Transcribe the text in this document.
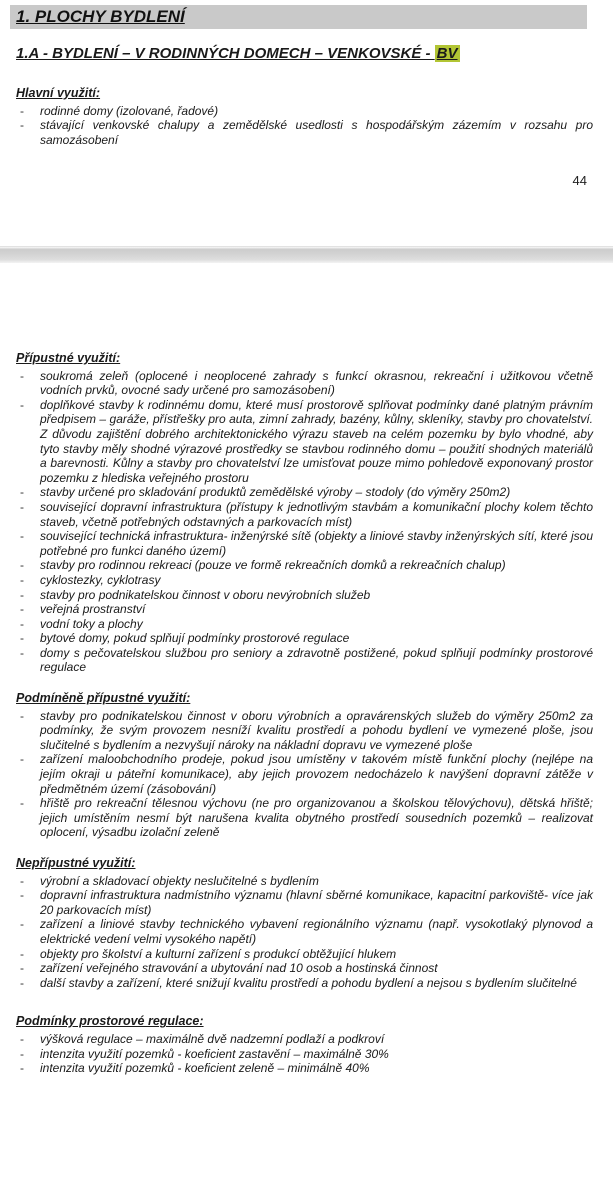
1. PLOCHY BYDLENÍ
1.A - BYDLENÍ – V RODINNÝCH DOMECH – VENKOVSKÉ - BV
Hlavní využití:
- rodinné domy (izolované, řadové)
- stávající venkovské chalupy a zemědělské usedlosti s hospodářským zázemím v rozsahu pro samozásobení
44
Přípustné využití:
- soukromá zeleň (oplocené i neoplocené zahrady s funkcí okrasnou, rekreační i užitkovou včetně vodních prvků, ovocné sady určené pro samozásobení)
- doplňkové stavby k rodinnému domu, které musí prostorově splňovat podmínky dané platným právním předpisem – garáže, přístřešky pro auta, zimní zahrady, bazény, kůlny, skleníky, stavby pro chovatelství. Z důvodu zajištění dobrého architektonického výrazu staveb na celém pozemku by bylo vhodné, aby tyto stavby měly shodné výrazové prostředky se stavbou rodinného domu – použití shodných materiálů a barevnosti. Kůlny a stavby pro chovatelství lze umisťovat pouze mimo pohledově exponovaný prostor pozemku z hlediska veřejného prostoru
- stavby určené pro skladování produktů zemědělské výroby – stodoly (do výměry 250m2)
- související dopravní infrastruktura (přístupy k jednotlivým stavbám a komunikační plochy kolem těchto staveb, včetně potřebných odstavných a parkovacích míst)
- související technická infrastruktura- inženýrské sítě (objekty a liniové stavby inženýrských sítí, které jsou potřebné pro funkci daného území)
- stavby pro rodinnou rekreaci (pouze ve formě rekreačních domků a rekreačních chalup)
- cyklostezky, cyklotrasy
- stavby pro podnikatelskou činnost v oboru nevýrobních služeb
- veřejná prostranství
- vodní toky a plochy
- bytové domy, pokud splňují podmínky prostorové regulace
- domy s pečovatelskou službou pro seniory a zdravotně postižené, pokud splňují podmínky prostorové regulace
Podmíněně přípustné využití:
- stavby pro podnikatelskou činnost v oboru výrobních a opravárenských služeb do výměry 250m2 za podmínky, že svým provozem nesníží kvalitu prostředí a pohodu bydlení ve vymezené ploše, jsou slučitelné s bydlením a nezvyšují nároky na nákladní dopravu ve vymezené ploše
- zařízení maloobchodního prodeje, pokud jsou umístěny v takovém místě funkční plochy (nejlépe na jejím okraji u páteřní komunikace), aby jejich provozem nedocházelo k navýšení dopravní zátěže v předmětném území (zásobování)
- hřiště pro rekreační tělesnou výchovu (ne pro organizovanou a školskou tělovýchovu), dětská hřiště; jejich umístěním nesmí být narušena kvalita obytného prostředí sousedních pozemků – realizovat oplocení, výsadbu izolační zeleně
Nepřípustné využití:
- výrobní a skladovací objekty neslučitelné s bydlením
- dopravní infrastruktura nadmístního významu (hlavní sběrné komunikace, kapacitní parkoviště- více jak 20 parkovacích míst)
- zařízení a liniové stavby technického vybavení regionálního významu (např. vysokotlaký plynovod a elektrické vedení velmi vysokého napětí)
- objekty pro školství a kulturní zařízení s produkcí obtěžující hlukem
- zařízení veřejného stravování a ubytování nad 10 osob a hostinská činnost
- další stavby a zařízení, které snižují kvalitu prostředí a pohodu bydlení a nejsou s bydlením slučitelné
Podmínky prostorové regulace:
- výšková regulace – maximálně dvě nadzemní podlaží a podkroví
- intenzita využití pozemků - koeficient zastavění – maximálně 30%
- intenzita využití pozemků - koeficient zeleně – minimálně 40%
